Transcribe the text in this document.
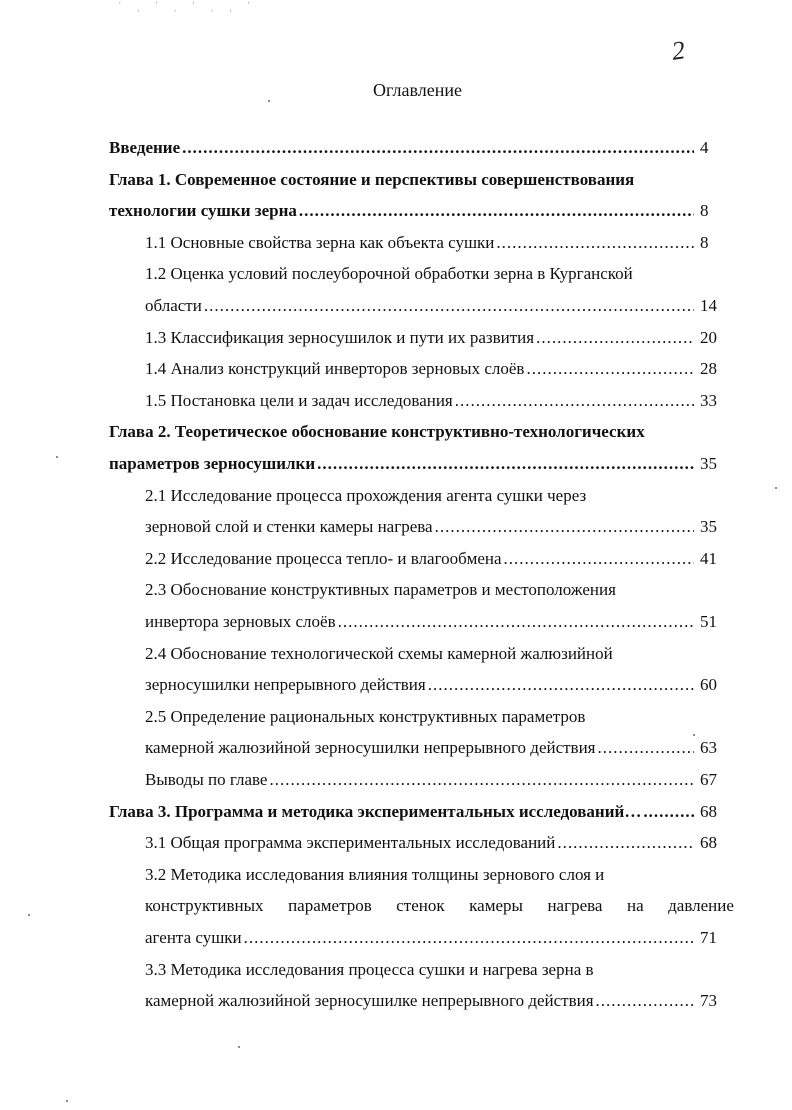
ˈ ˌ ˈ ˌ ˈ ˌ ˌ ˈ
2
Оглавление
Введение .....	4
Глава 1. Современное состояние и перспективы совершенствования
технологии сушки зерна .....	8
1.1 Основные свойства зерна как объекта сушки .....	8
1.2 Оценка условий послеуборочной обработки зерна в Курганской
области .....	14
1.3 Классификация зерносушилок и пути их развития .....	20
1.4 Анализ конструкций инверторов зерновых слоёв .....	28
1.5 Постановка цели и задач исследования .....	33
Глава 2. Теоретическое обоснование конструктивно-технологических
параметров зерносушилки .....	35
2.1 Исследование процесса прохождения агента сушки через
зерновой слой и стенки камеры нагрева .....	35
2.2 Исследование процесса тепло- и влагообмена .....	41
2.3 Обоснование конструктивных параметров и местоположения
инвертора зерновых слоёв .....	51
2.4 Обоснование технологической схемы камерной жалюзийной
зерносушилки непрерывного действия .....	60
2.5 Определение рациональных конструктивных параметров
камерной жалюзийной зерносушилки непрерывного действия .....	63
Выводы по главе .....	67
Глава 3. Программа и методика экспериментальных исследований… .....	68
3.1 Общая программа экспериментальных исследований .....	68
3.2 Методика исследования влияния толщины зернового слоя и
конструктивных параметров стенок камеры нагрева на давление
агента сушки .....	71
3.3 Методика исследования процесса сушки и нагрева зерна в
камерной жалюзийной зерносушилке непрерывного действия .....	73
